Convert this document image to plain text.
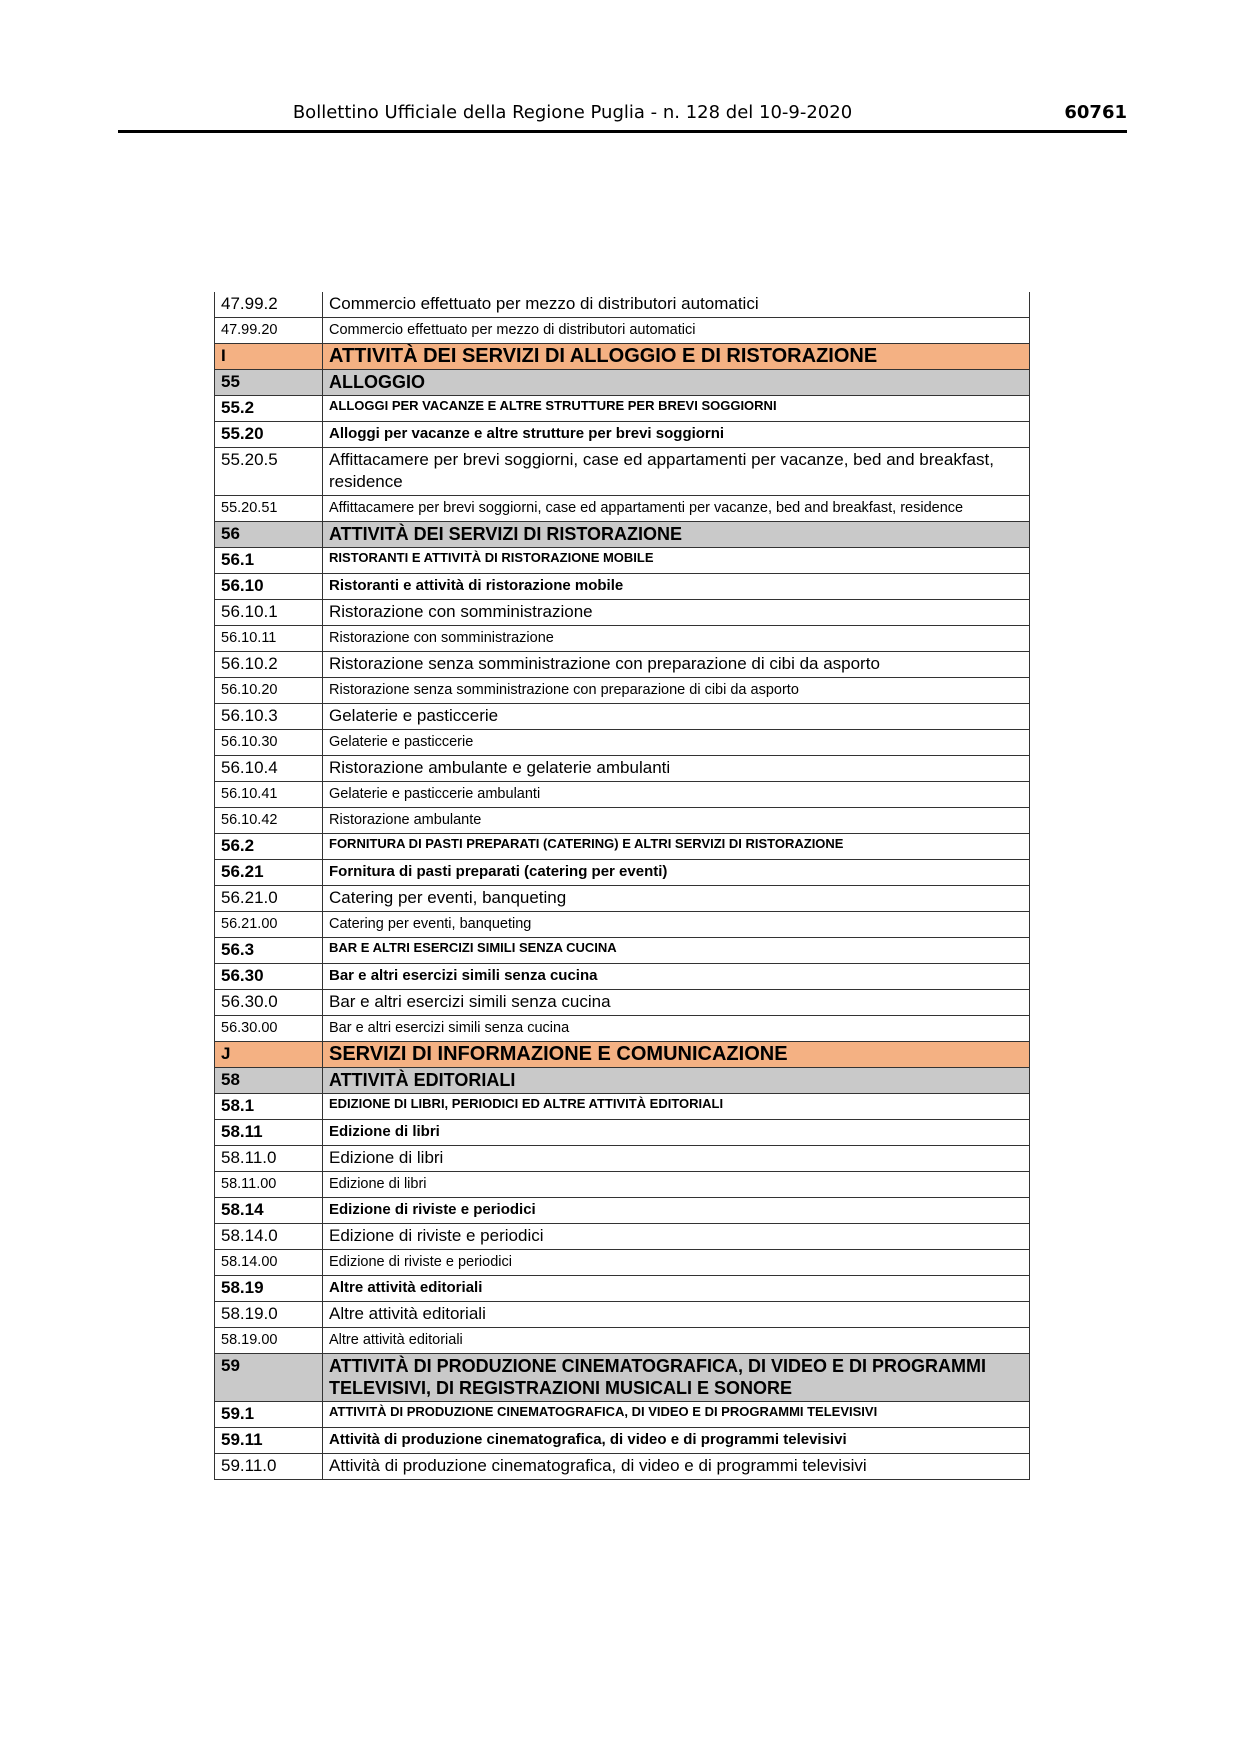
Bollettino Ufficiale della Regione Puglia - n. 128 del 10-9-2020	60761
47.99.2	Commercio effettuato per mezzo di distributori automatici
47.99.20	Commercio effettuato per mezzo di distributori automatici
I	ATTIVITÀ DEI SERVIZI DI ALLOGGIO E DI RISTORAZIONE
55	ALLOGGIO
55.2	ALLOGGI PER VACANZE E ALTRE STRUTTURE PER BREVI SOGGIORNI
55.20	Alloggi per vacanze e altre strutture per brevi soggiorni
55.20.5	Affittacamere per brevi soggiorni, case ed appartamenti per vacanze, bed and breakfast, residence
55.20.51	Affittacamere per brevi soggiorni, case ed appartamenti per vacanze, bed and breakfast, residence
56	ATTIVITÀ DEI SERVIZI DI RISTORAZIONE
56.1	RISTORANTI E ATTIVITÀ DI RISTORAZIONE MOBILE
56.10	Ristoranti e attività di ristorazione mobile
56.10.1	Ristorazione con somministrazione
56.10.11	Ristorazione con somministrazione
56.10.2	Ristorazione senza somministrazione con preparazione di cibi da asporto
56.10.20	Ristorazione senza somministrazione con preparazione di cibi da asporto
56.10.3	Gelaterie e pasticcerie
56.10.30	Gelaterie e pasticcerie
56.10.4	Ristorazione ambulante e gelaterie ambulanti
56.10.41	Gelaterie e pasticcerie ambulanti
56.10.42	Ristorazione ambulante
56.2	FORNITURA DI PASTI PREPARATI (CATERING) E ALTRI SERVIZI DI RISTORAZIONE
56.21	Fornitura di pasti preparati (catering per eventi)
56.21.0	Catering per eventi, banqueting
56.21.00	Catering per eventi, banqueting
56.3	BAR E ALTRI ESERCIZI SIMILI SENZA CUCINA
56.30	Bar e altri esercizi simili senza cucina
56.30.0	Bar e altri esercizi simili senza cucina
56.30.00	Bar e altri esercizi simili senza cucina
J	SERVIZI DI INFORMAZIONE E COMUNICAZIONE
58	ATTIVITÀ EDITORIALI
58.1	EDIZIONE DI LIBRI, PERIODICI ED ALTRE ATTIVITÀ EDITORIALI
58.11	Edizione di libri
58.11.0	Edizione di libri
58.11.00	Edizione di libri
58.14	Edizione di riviste e periodici
58.14.0	Edizione di riviste e periodici
58.14.00	Edizione di riviste e periodici
58.19	Altre attività editoriali
58.19.0	Altre attività editoriali
58.19.00	Altre attività editoriali
59	ATTIVITÀ DI PRODUZIONE CINEMATOGRAFICA, DI VIDEO E DI PROGRAMMI TELEVISIVI, DI REGISTRAZIONI MUSICALI E SONORE
59.1	ATTIVITÀ DI PRODUZIONE CINEMATOGRAFICA, DI VIDEO E DI PROGRAMMI TELEVISIVI
59.11	Attività di produzione cinematografica, di video e di programmi televisivi
59.11.0	Attività di produzione cinematografica, di video e di programmi televisivi
